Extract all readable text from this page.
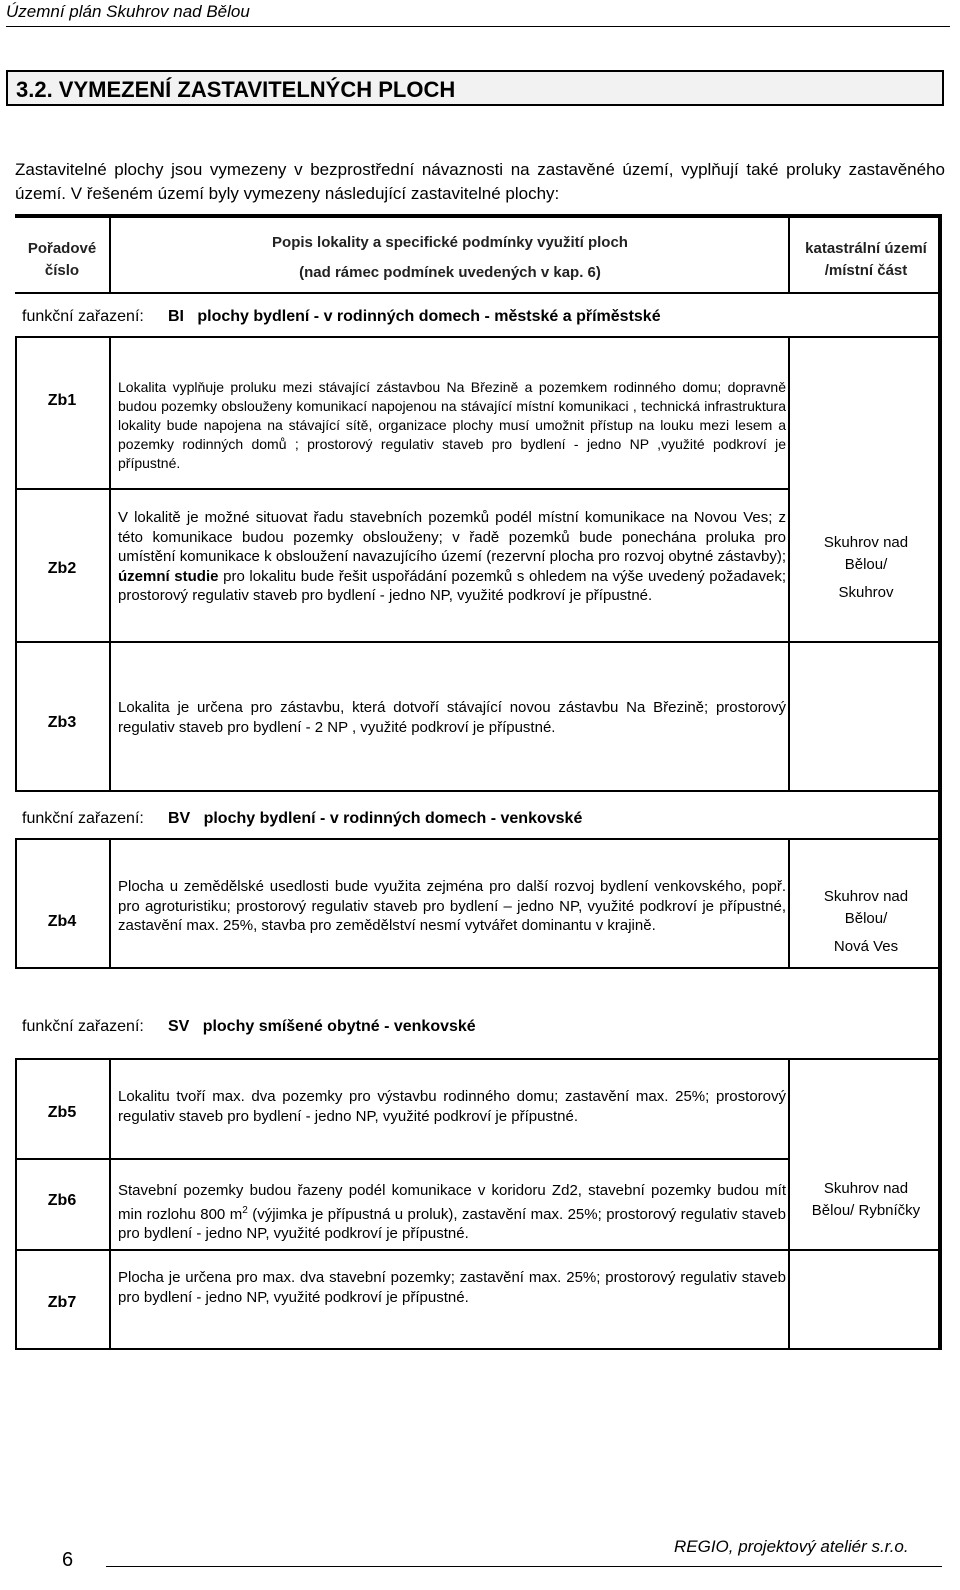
Územní plán Skuhrov nad Bělou
3.2. VYMEZENÍ ZASTAVITELNÝCH PLOCH
Zastavitelné plochy jsou vymezeny v bezprostřední návaznosti na zastavěné území, vyplňují také proluky zastavěného území. V řešeném území byly vymezeny následující zastavitelné plochy:
Pořadové číslo
Popis lokality a specifické podmínky využití ploch
(nad rámec podmínek uvedených v kap. 6)
katastrální území /místní část
funkční zařazení: BI plochy bydlení - v rodinných domech - městské a příměstské
Zb1
Lokalita vyplňuje proluku mezi stávající zástavbou Na Březině a pozemkem rodinného domu; dopravně budou pozemky obslouženy komunikací napojenou na stávající místní komunikaci , technická infrastruktura lokality bude napojena na stávající sítě, organizace plochy musí umožnit přístup na louku mezi lesem a pozemky rodinných domů ; prostorový regulativ staveb pro bydlení - jedno NP ,využité podkroví je přípustné.
Zb2
V lokalitě je možné situovat řadu stavebních pozemků podél místní komunikace na Novou Ves; z této komunikace budou pozemky obslouženy; v řadě pozemků bude ponechána proluka pro umístění komunikace k obsloužení navazujícího území (rezervní plocha pro rozvoj obytné zástavby); územní studie pro lokalitu bude řešit uspořádání pozemků s ohledem na výše uvedený požadavek; prostorový regulativ staveb pro bydlení - jedno NP, využité podkroví je přípustné.
Skuhrov nad
Bělou/
Skuhrov
Zb3
Lokalita je určena pro zástavbu, která dotvoří stávající novou zástavbu Na Březině; prostorový regulativ staveb pro bydlení - 2 NP , využité podkroví je přípustné.
funkční zařazení: BV plochy bydlení - v rodinných domech - venkovské
Zb4
Plocha u zemědělské usedlosti bude využita zejména pro další rozvoj bydlení venkovského, popř. pro agroturistiku; prostorový regulativ staveb pro bydlení – jedno NP, využité podkroví je přípustné, zastavění max. 25%, stavba pro zemědělství nesmí vytvářet dominantu v krajině.
Skuhrov nad
Bělou/
Nová Ves
funkční zařazení: SV plochy smíšené obytné - venkovské
Zb5
Lokalitu tvoří max. dva pozemky pro výstavbu rodinného domu; zastavění max. 25%; prostorový regulativ staveb pro bydlení - jedno NP, využité podkroví je přípustné.
Zb6
Stavební pozemky budou řazeny podél komunikace v koridoru Zd2, stavební pozemky budou mít min rozlohu 800 $m^2$ (výjimka je přípustná u proluk), zastavění max. 25%; prostorový regulativ staveb pro bydlení - jedno NP, využité podkroví je přípustné.
Skuhrov nad
Bělou/ Rybníčky
Zb7
Plocha je určena pro max. dva stavební pozemky; zastavění max. 25%; prostorový regulativ staveb pro bydlení - jedno NP, využité podkroví je přípustné.
6
REGIO, projektový ateliér s.r.o.
